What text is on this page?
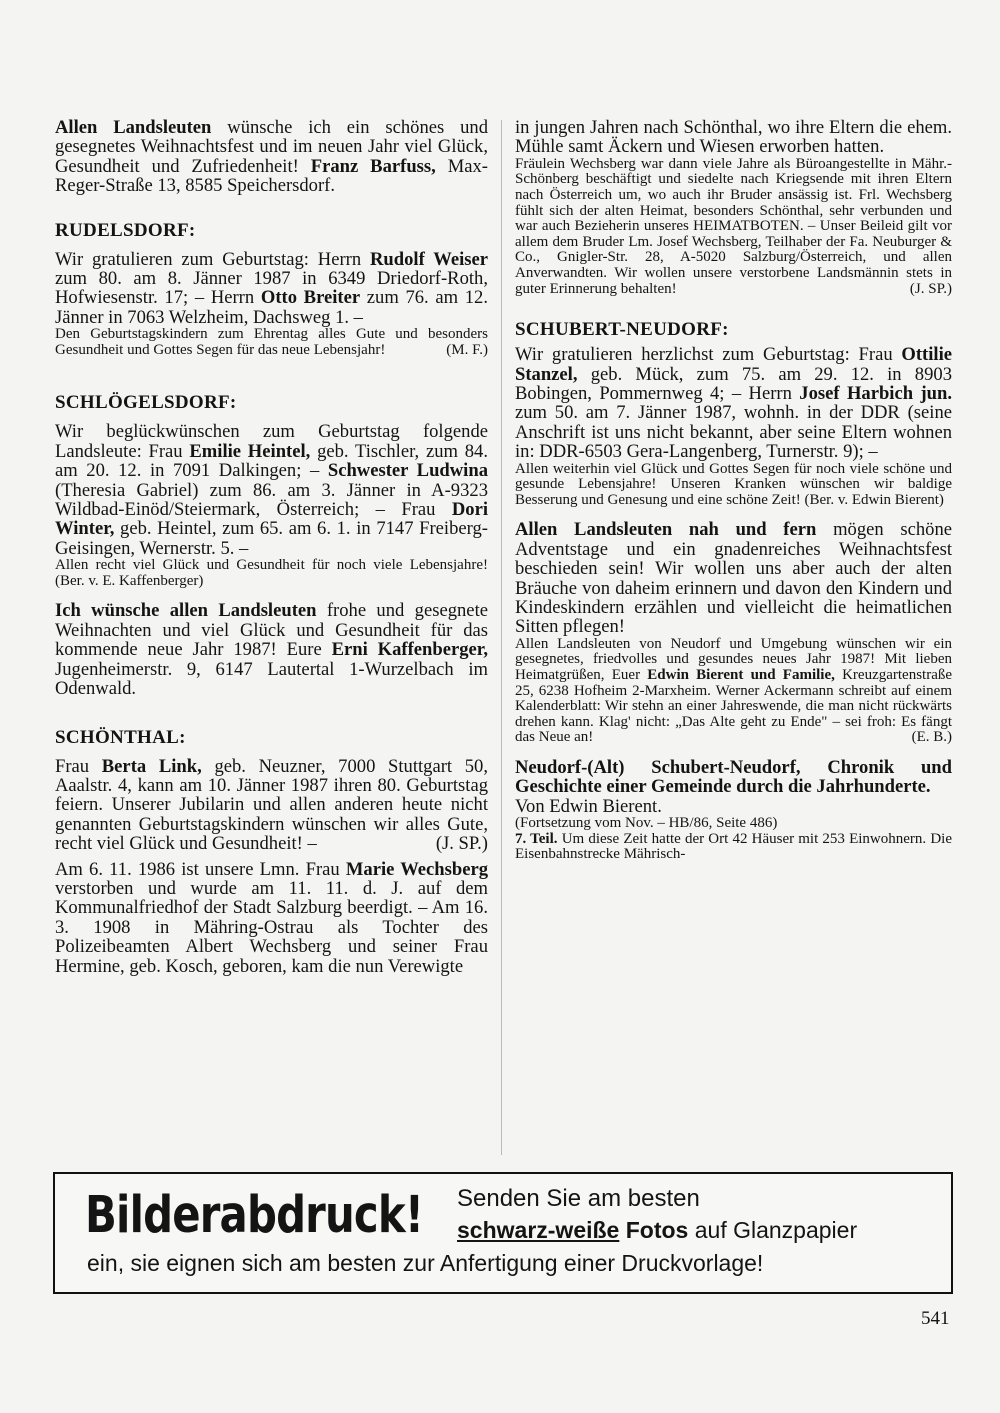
Allen Landsleuten wünsche ich ein schönes und gesegnetes Weihnachtsfest und im neuen Jahr viel Glück, Gesundheit und Zufriedenheit! Franz Barfuss, Max-Reger-Straße 13, 8585 Speichersdorf.

RUDELSDORF:

Wir gratulieren zum Geburtstag: Herrn Rudolf Weiser zum 80. am 8. Jänner 1987 in 6349 Driedorf-Roth, Hofwiesenstr. 17; – Herrn Otto Breiter zum 76. am 12. Jänner in 7063 Welzheim, Dachsweg 1. –

Den Geburtstagskindern zum Ehrentag alles Gute und besonders Gesundheit und Gottes Segen für das neue Lebensjahr!	(M. F.)

SCHLÖGELSDORF:

Wir beglückwünschen zum Geburtstag folgende Landsleute: Frau Emilie Heintel, geb. Tischler, zum 84. am 20. 12. in 7091 Dalkingen; – Schwester Ludwina (Theresia Gabriel) zum 86. am 3. Jänner in A-9323 Wildbad-Einöd/Steiermark, Österreich; – Frau Dori Winter, geb. Heintel, zum 65. am 6. 1. in 7147 Freiberg-Geisingen, Wernerstr. 5. –

Allen recht viel Glück und Gesundheit für noch viele Lebensjahre! (Ber. v. E. Kaffenberger)

Ich wünsche allen Landsleuten frohe und gesegnete Weihnachten und viel Glück und Gesundheit für das kommende neue Jahr 1987! Eure Erni Kaffenberger, Jugenheimerstr. 9, 6147 Lautertal 1-Wurzelbach im Odenwald.

SCHÖNTHAL:

Frau Berta Link, geb. Neuzner, 7000 Stuttgart 50, Aaalstr. 4, kann am 10. Jänner 1987 ihren 80. Geburtstag feiern. Unserer Jubilarin und allen anderen heute nicht genannten Geburtstagskindern wünschen wir alles Gute, recht viel Glück und Gesundheit! –	(J. SP.)

Am 6. 11. 1986 ist unsere Lmn. Frau Marie Wechsberg verstorben und wurde am 11. 11. d. J. auf dem Kommunalfriedhof der Stadt Salzburg beerdigt. – Am 16. 3. 1908 in Mähring-Ostrau als Tochter des Polizeibeamten Albert Wechsberg und seiner Frau Hermine, geb. Kosch, geboren, kam die nun Verewigte

in jungen Jahren nach Schönthal, wo ihre Eltern die ehem. Mühle samt Äckern und Wiesen erworben hatten.

Fräulein Wechsberg war dann viele Jahre als Büroangestellte in Mähr.-Schönberg beschäftigt und siedelte nach Kriegsende mit ihren Eltern nach Österreich um, wo auch ihr Bruder ansässig ist. Frl. Wechsberg fühlt sich der alten Heimat, besonders Schönthal, sehr verbunden und war auch Bezieherin unseres HEIMATBOTEN. – Unser Beileid gilt vor allem dem Bruder Lm. Josef Wechsberg, Teilhaber der Fa. Neuburger & Co., Gnigler-Str. 28, A-5020 Salzburg/Österreich, und allen Anverwandten. Wir wollen unsere verstorbene Landsmännin stets in guter Erinnerung behalten!	(J. SP.)

SCHUBERT-NEUDORF:

Wir gratulieren herzlichst zum Geburtstag: Frau Ottilie Stanzel, geb. Mück, zum 75. am 29. 12. in 8903 Bobingen, Pommernweg 4; – Herrn Josef Harbich jun. zum 50. am 7. Jänner 1987, wohnh. in der DDR (seine Anschrift ist uns nicht bekannt, aber seine Eltern wohnen in: DDR-6503 Gera-Langenberg, Turnerstr. 9); –

Allen weiterhin viel Glück und Gottes Segen für noch viele schöne und gesunde Lebensjahre! Unseren Kranken wünschen wir baldige Besserung und Genesung und eine schöne Zeit! (Ber. v. Edwin Bierent)

Allen Landsleuten nah und fern mögen schöne Adventstage und ein gnadenreiches Weihnachtsfest beschieden sein! Wir wollen uns aber auch der alten Bräuche von daheim erinnern und davon den Kindern und Kindeskindern erzählen und vielleicht die heimatlichen Sitten pflegen!

Allen Landsleuten von Neudorf und Umgebung wünschen wir ein gesegnetes, friedvolles und gesundes neues Jahr 1987! Mit lieben Heimatgrüßen, Euer Edwin Bierent und Familie, Kreuzgartenstraße 25, 6238 Hofheim 2-Marxheim. Werner Ackermann schreibt auf einem Kalenderblatt: Wir stehn an einer Jahreswende, die man nicht rückwärts drehen kann. Klag' nicht: „Das Alte geht zu Ende" – sei froh: Es fängt das Neue an!	(E. B.)

Neudorf-(Alt) Schubert-Neudorf, Chronik und Geschichte einer Gemeinde durch die Jahrhunderte.

Von Edwin Bierent.

(Fortsetzung vom Nov. – HB/86, Seite 486)

7. Teil. Um diese Zeit hatte der Ort 42 Häuser mit 253 Einwohnern. Die Eisenbahnstrecke Mährisch-

Bilderabdruck! Senden Sie am besten
schwarz-weiße Fotos auf Glanzpapier
ein, sie eignen sich am besten zur Anfertigung einer Druckvorlage!
541
